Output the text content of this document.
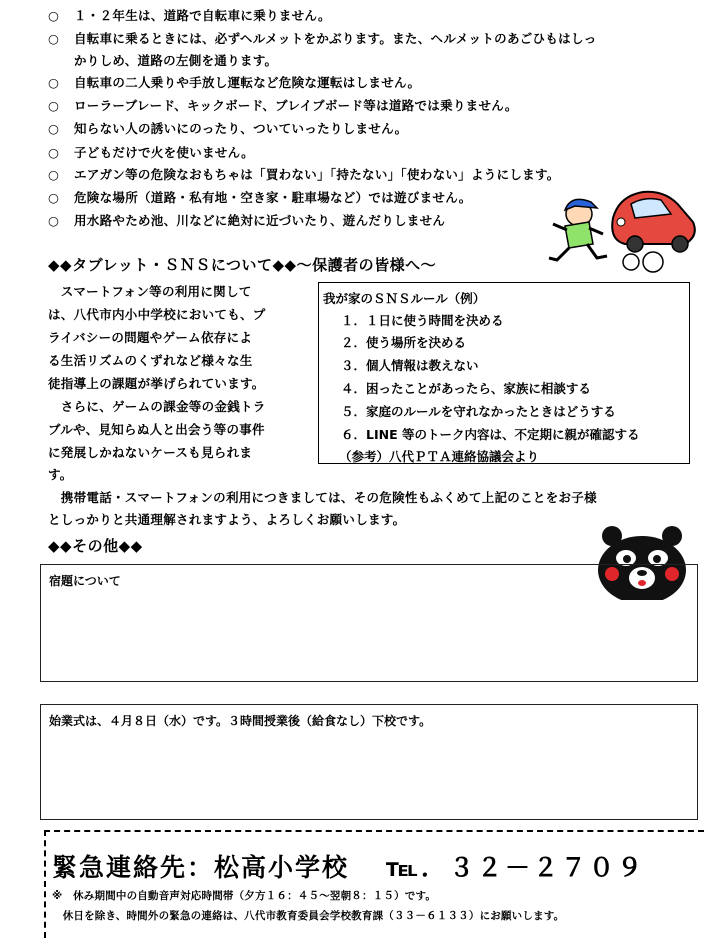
○ １・２年生は、道路で自転車に乗りません。
○ 自転車に乗るときには、必ずヘルメットをかぶります。また、ヘルメットのあごひもはしっ
かりしめ、道路の左側を通ります。
○ 自転車の二人乗りや手放し運転など危険な運転はしません。
○ ローラーブレード、キックボード、ブレイブボード等は道路では乗りません。
○ 知らない人の誘いにのったり、ついていったりしません。
○ 子どもだけで火を使いません。
○ エアガン等の危険なおもちゃは「買わない」「持たない」「使わない」ようにします。
○ 危険な場所（道路・私有地・空き家・駐車場など）では遊びません。
○ 用水路やため池、川などに絶対に近づいたり、遊んだりしません
◆◆タブレット・ＳＮＳについて◆◆～保護者の皆様へ～
　スマートフォン等の利用に関して
は、八代市内小中学校においても、プ
ライバシーの問題やゲーム依存によ
る生活リズムのくずれなど様々な生
徒指導上の課題が挙げられています。
　さらに、ゲームの課金等の金銭トラ
ブルや、見知らぬ人と出会う等の事件
に発展しかねないケースも見られま
す。
我が家のＳＮＳルール（例）
１．１日に使う時間を決める
２．使う場所を決める
３．個人情報は教えない
４．困ったことがあったら、家族に相談する
５．家庭のルールを守れなかったときはどうする
６．LINE 等のトーク内容は、不定期に親が確認する
（参考）八代ＰＴＡ連絡協議会より
　携帯電話・スマートフォンの利用につきましては、その危険性もふくめて上記のことをお子様
としっかりと共通理解されますよう、よろしくお願いします。
◆◆その他◆◆
宿題について
始業式は、４月８日（水）です。３時間授業後（給食なし）下校です。
緊急連絡先：松高小学校 ℡．３２－２７０９
※　休み期間中の自動音声対応時間帯（夕方１６：４５～翌朝８：１５）です。
　休日を除き、時間外の緊急の連絡は、八代市教育委員会学校教育課（３３－６１３３）にお願いします。
